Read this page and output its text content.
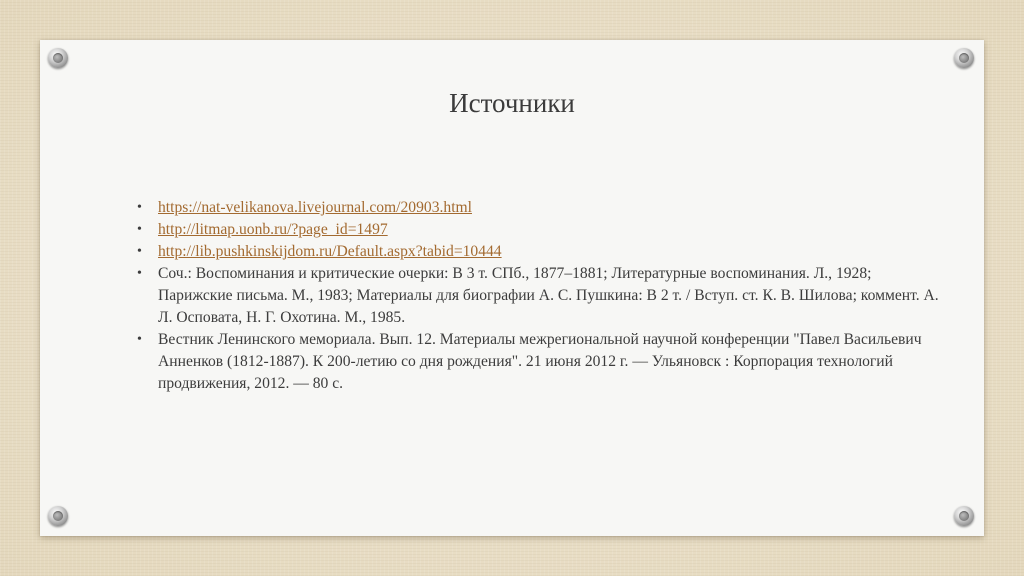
Источники
• https://nat-velikanova.livejournal.com/20903.html
• http://litmap.uonb.ru/?page_id=1497
• http://lib.pushkinskijdom.ru/Default.aspx?tabid=10444
• Соч.: Воспоминания и критические очерки: В 3 т. СПб., 1877–1881; Литературные воспоминания. Л., 1928; Парижские письма. М., 1983; Материалы для биографии А. С. Пушкина: В 2 т. / Вступ. ст. К. В. Шилова; коммент. А. Л. Осповата, Н. Г. Охотина. М., 1985.
• Вестник Ленинского мемориала. Вып. 12. Материалы межрегиональной научной конференции "Павел Васильевич Анненков (1812-1887). К 200-летию со дня рождения". 21 июня 2012 г. — Ульяновск : Корпорация технологий продвижения, 2012. — 80 с.
